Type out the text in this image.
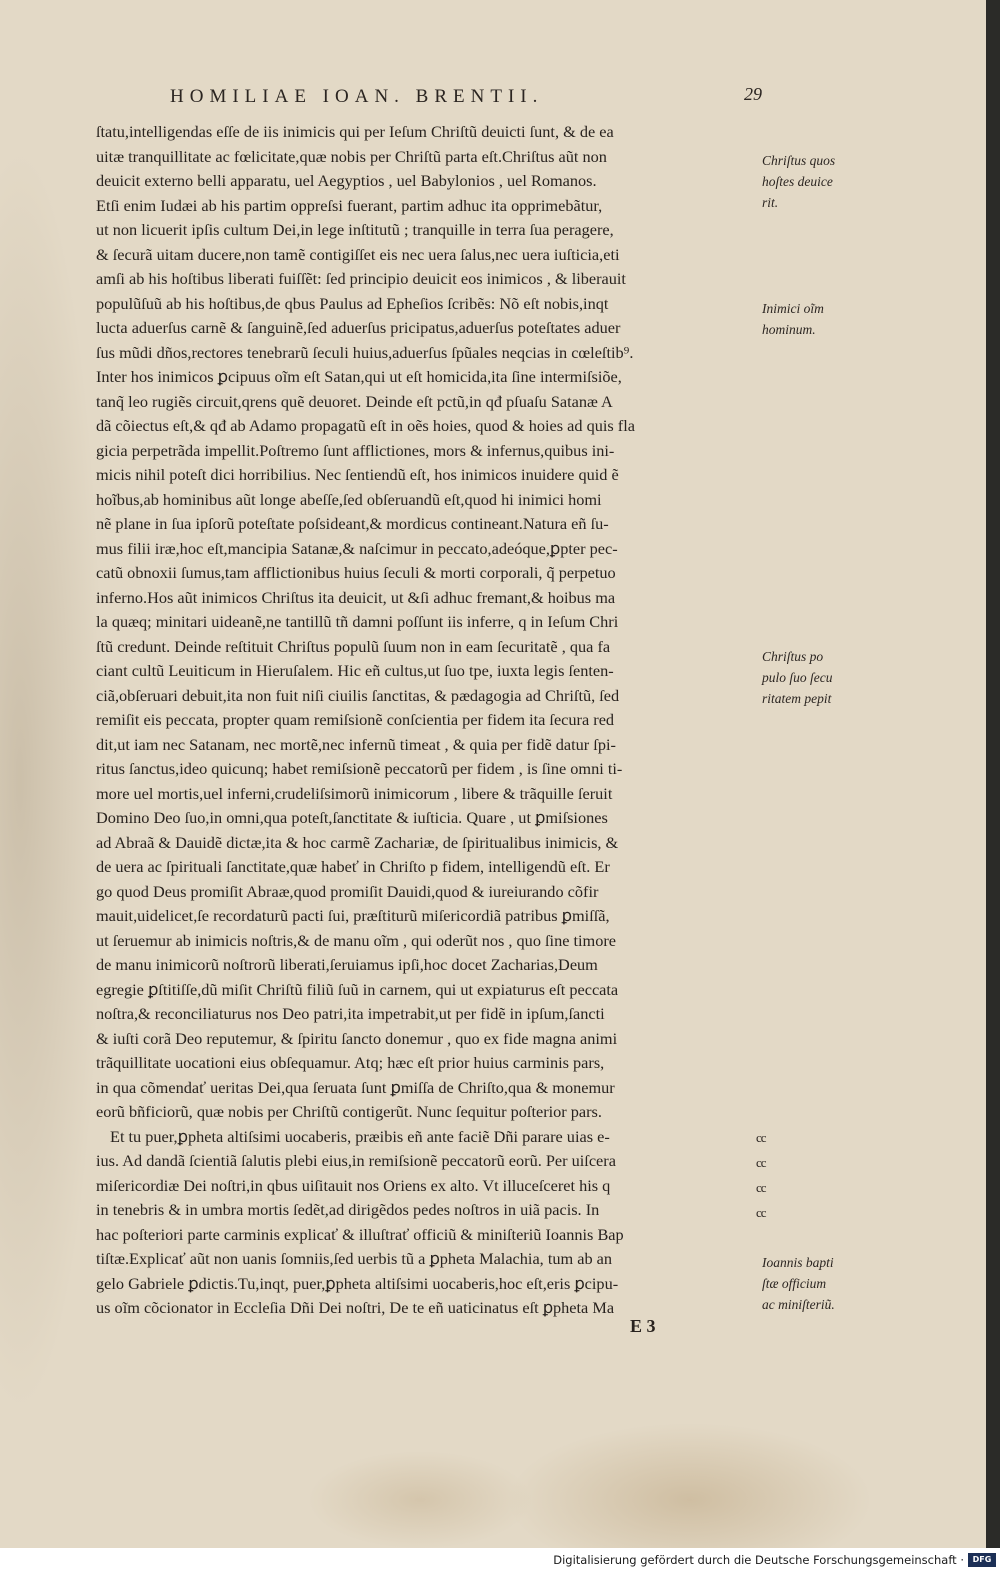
HOMILIAE IOAN. BRENTII.	29
ſtatu,intelligendas eſſe de iis inimicis qui per Ieſum Chriſtũ deuicti ſunt, & de ea
uitæ tranquillitate ac fœlicitate,quæ nobis per Chriſtũ parta eſt.Chriſtus aũt non
deuicit externo belli apparatu, uel Aegyptios , uel Babylonios , uel Romanos.
Etſi enim Iudæi ab his partim oppreſsi fuerant, partim adhuc ita opprimebãtur,
ut non licuerit ipſis cultum Dei,in lege inſtitutũ ; tranquille in terra ſua peragere,
& ſecurã uitam ducere,non tamẽ contigiſſet eis nec uera ſalus,nec uera iuſticia,eti
amſi ab his hoſtibus liberati fuiſſẽt: ſed principio deuicit eos inimicos , & liberauit
populũſuũ ab his hoſtibus,de qbus Paulus ad Epheſios ſcribẽs: Nõ eſt nobis,inqt
lucta aduerſus carnẽ & ſanguinẽ,ſed aduerſus pricipatus,aduerſus poteſtates aduer
ſus mũdi dños,rectores tenebrarũ ſeculi huius,aduerſus ſpũales neqcias in cœleſtib⁹.
Inter hos inimicos ꝑcipuus oĩm eſt Satan,qui ut eſt homicida,ita ſine intermiſsiõe,
tanq̃ leo rugiẽs circuit,qrens quẽ deuoret. Deinde eſt pctũ,in qđ pſuaſu Satanæ A
dã cõiectus eſt,& qđ ab Adamo propagatũ eſt in oẽs hoies, quod & hoies ad quis fla
gicia perpetrãda impellit.Poſtremo ſunt afflictiones, mors & infernus,quibus ini-
micis nihil poteſt dici horribilius. Nec ſentiendũ eſt, hos inimicos inuidere quid ẽ
hoĩbus,ab hominibus aũt longe abeſſe,ſed obſeruandũ eſt,quod hi inimici homi
nẽ plane in ſua ipſorũ poteſtate poſsideant,& mordicus contineant.Natura eñ ſu-
mus filii iræ,hoc eſt,mancipia Satanæ,& naſcimur in peccato,adeóque,ꝑpter pec-
catũ obnoxii ſumus,tam afflictionibus huius ſeculi & morti corporali, q̃ perpetuo
inferno.Hos aũt inimicos Chriſtus ita deuicit, ut &ſi adhuc fremant,& hoibus ma
la quæq; minitari uideanẽ,ne tantillũ tñ damni poſſunt iis inferre, q in Ieſum Chri
ſtũ credunt. Deinde reſtituit Chriſtus populũ ſuum non in eam ſecuritatẽ , qua fa
ciant cultũ Leuiticum in Hieruſalem. Hic eñ cultus,ut ſuo tpe, iuxta legis ſenten-
ciã,obſeruari debuit,ita non fuit niſi ciuilis ſanctitas, & pædagogia ad Chriſtũ, ſed
remiſit eis peccata, propter quam remiſsionẽ conſcientia per fidem ita ſecura red
dit,ut iam nec Satanam, nec mortẽ,nec infernũ timeat , & quia per fidẽ datur ſpi-
ritus ſanctus,ideo quicunq; habet remiſsionẽ peccatorũ per fidem , is ſine omni ti-
more uel mortis,uel inferni,crudeliſsimorũ inimicorum , libere & trãquille ſeruit
Domino Deo ſuo,in omni,qua poteſt,ſanctitate & iuſticia. Quare , ut ꝑmiſsiones
ad Abraã & Dauidẽ dictæ,ita & hoc carmẽ Zachariæ, de ſpiritualibus inimicis, &
de uera ac ſpirituali ſanctitate,quæ habeť in Chriſto p fidem, intelligendũ eſt. Er
go quod Deus promiſit Abraæ,quod promiſit Dauidi,quod & iureiurando cõfir
mauit,uidelicet,ſe recordaturũ pacti ſui, præſtiturũ miſericordiã patribus ꝑmiſſã,
ut ſeruemur ab inimicis noſtris,& de manu oĩm , qui oderũt nos , quo ſine timore
de manu inimicorũ noſtrorũ liberati,ſeruiamus ipſi,hoc docet Zacharias,Deum
egregie ꝑſtitiſſe,dũ miſit Chriſtũ filiũ ſuũ in carnem, qui ut expiaturus eſt peccata
noſtra,& reconciliaturus nos Deo patri,ita impetrabit,ut per fidẽ in ipſum,ſancti
& iuſti corã Deo reputemur, & ſpiritu ſancto donemur , quo ex fide magna animi
trãquillitate uocationi eius obſequamur. Atq; hæc eſt prior huius carminis pars,
in qua cõmendať ueritas Dei,qua ſeruata ſunt ꝑmiſſa de Chriſto,qua & monemur
eorũ bñficiorũ, quæ nobis per Chriſtũ contigerũt. Nunc ſequitur poſterior pars.
Et tu puer,ꝑpheta altiſsimi uocaberis, præibis eñ ante faciẽ Dñi parare uias e-
ius. Ad dandã ſcientiã ſalutis plebi eius,in remiſsionẽ peccatorũ eorũ. Per uiſcera
miſericordiæ Dei noſtri,in qbus uiſitauit nos Oriens ex alto. Vt illuceſceret his q
in tenebris & in umbra mortis ſedẽt,ad dirigẽdos pedes noſtros in uiã pacis. In
hac poſteriori parte carminis explicať & illuſtrať officiũ & miniſteriũ Ioannis Bap
tiſtæ.Explicať aũt non uanis ſomniis,ſed uerbis tũ a ꝑpheta Malachia, tum ab an
gelo Gabriele ꝑdictis.Tu,inqt, puer,ꝑpheta altiſsimi uocaberis,hoc eſt,eris ꝑcipu-
us oĩm cõcionator in Eccleſia Dñi Dei noſtri, De te eñ uaticinatus eſt ꝑpheta Ma
Chriſtus quos
hoſtes deuice
rit.
Inimici oĩm
hominum.
Chriſtus po
pulo ſuo ſecu
ritatem pepit
Ioannis bapti
ſtæ officium
ac miniſteriũ.
cc
cc
cc
cc
E 3
Digitalisierung gefördert durch die Deutsche Forschungsgemeinschaft ·	DFG
